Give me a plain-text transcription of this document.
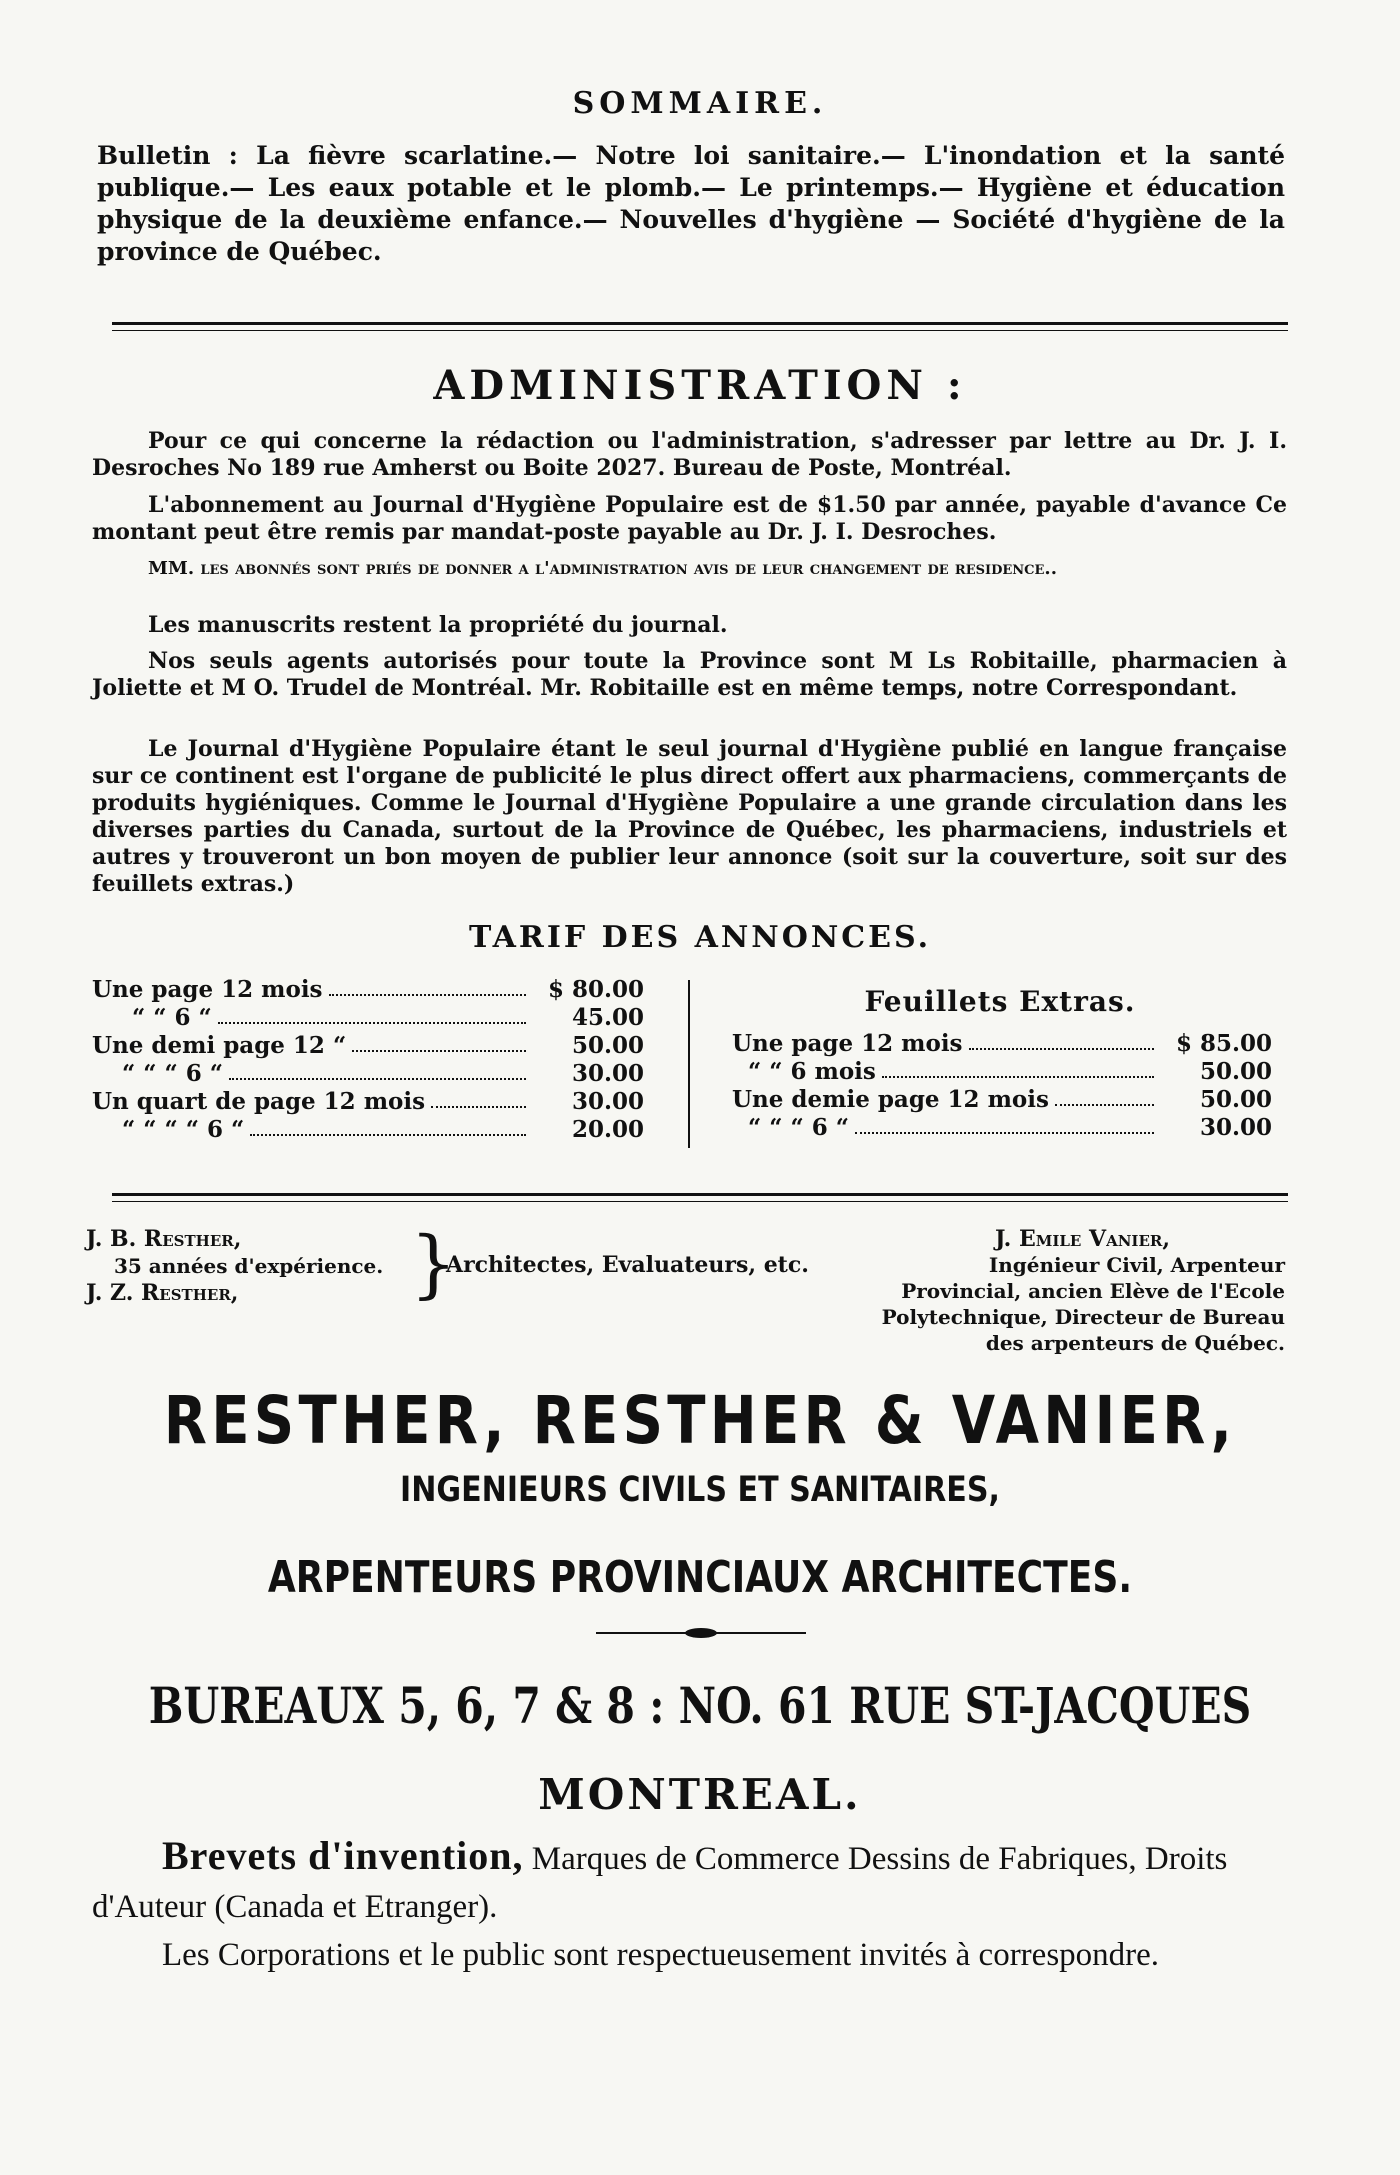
SOMMAIRE.
Bulletin : La fièvre scarlatine.— Notre loi sanitaire.— L'inondation et la santé publique.— Les eaux potable et le plomb.— Le printemps.— Hygiène et éducation physique de la deuxième enfance.— Nouvelles d'hygiène — Société d'hygiène de la province de Québec.
ADMINISTRATION :
Pour ce qui concerne la rédaction ou l'administration, s'adresser par lettre au Dr. J. I. Desroches No 189 rue Amherst ou Boite 2027. Bureau de Poste, Montréal.
L'abonnement au Journal d'Hygiène Populaire est de $1.50 par année, payable d'avance Ce montant peut être remis par mandat-poste payable au Dr. J. I. Desroches.
MM. les abonnés sont priés de donner a l'administration avis de leur changement de residence..
Les manuscrits restent la propriété du journal.
Nos seuls agents autorisés pour toute la Province sont M Ls Robitaille, pharmacien à Joliette et M O. Trudel de Montréal. Mr. Robitaille est en même temps, notre Correspondant.
Le Journal d'Hygiène Populaire étant le seul journal d'Hygiène publié en langue française sur ce continent est l'organe de publicité le plus direct offert aux pharmaciens, commerçants de produits hygiéniques. Comme le Journal d'Hygiène Populaire a une grande circulation dans les diverses parties du Canada, surtout de la Province de Québec, les pharmaciens, industriels et autres y trouveront un bon moyen de publier leur annonce (soit sur la couverture, soit sur des feuillets extras.)
TARIF DES ANNONCES.
Une page 12 mois	$ 80.00
“ “ 6 “	45.00
Une demi page 12 “	50.00
“ “ “ 6 “	30.00
Un quart de page 12 mois	30.00
“ “ “ “ 6 “	20.00
Feuillets Extras.
Une page 12 mois	$ 85.00
“ “ 6 mois	50.00
Une demie page 12 mois	50.00
“ “ “ 6 “	30.00
J. B. Resther,
35 années d'expérience.
J. Z. Resther,	}
Architectes, Evaluateurs, etc.
J. Emile Vanier,
Ingénieur Civil, Arpenteur Provincial, ancien Elève de l'Ecole Polytechnique, Directeur de Bureau des arpenteurs de Québec.
RESTHER, RESTHER & VANIER,
INGENIEURS CIVILS ET SANITAIRES,
ARPENTEURS PROVINCIAUX ARCHITECTES.
BUREAUX 5, 6, 7 & 8 : NO. 61 RUE ST-JACQUES
MONTREAL.
Brevets d'invention, Marques de Commerce Dessins de Fabriques, Droits d'Auteur (Canada et Etranger).
Les Corporations et le public sont respectueusement invités à correspondre.
